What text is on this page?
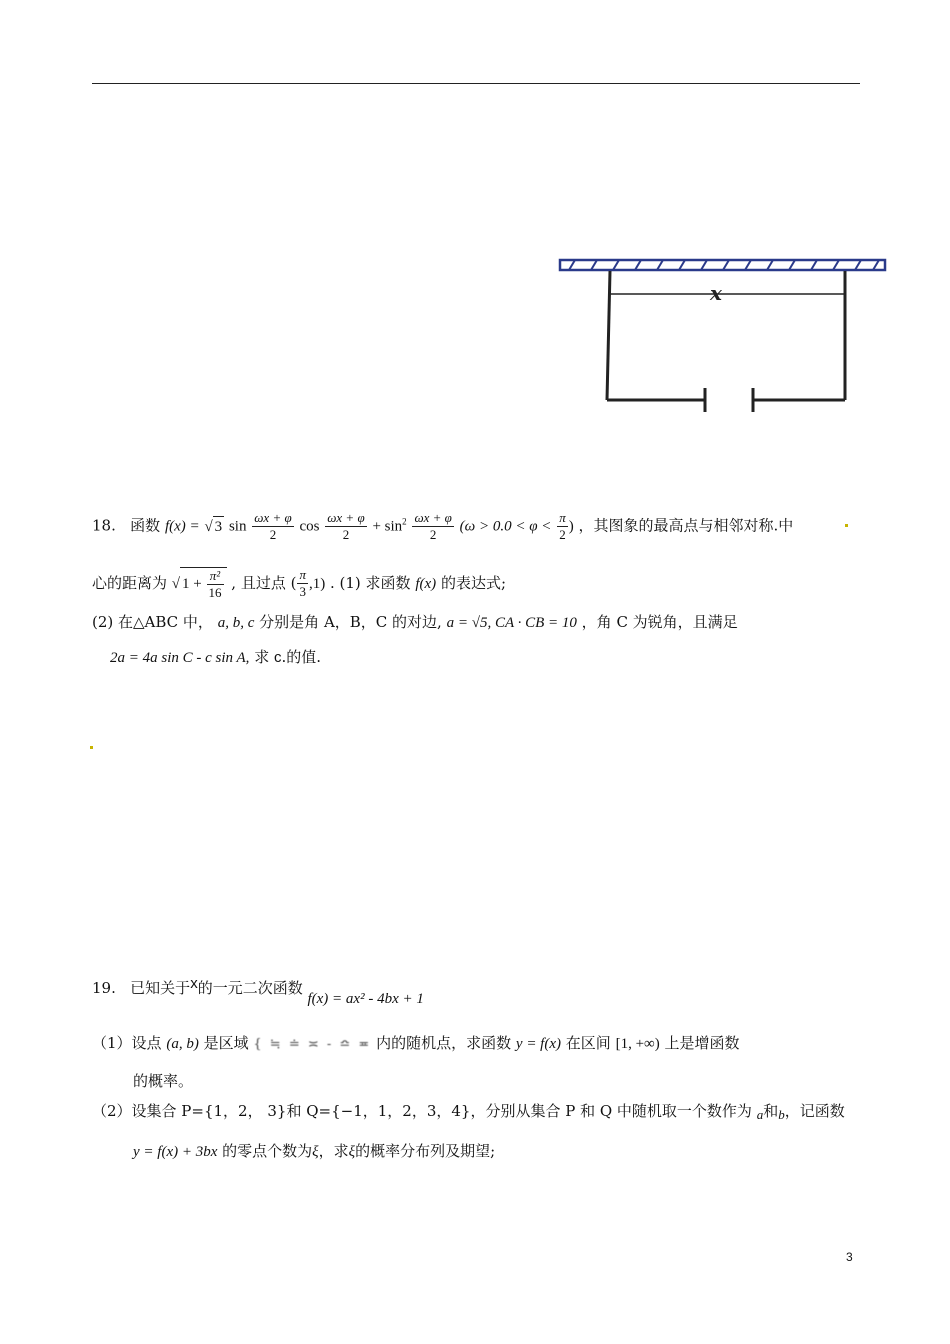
x
18. 函数 f(x) = √ 3 $\sin \frac{\omega x + \varphi}{2}$ $\cos \frac{\omega x + \varphi}{2} + \sin^2 \frac{\omega x + \varphi}{2} (\omega > 0.0 < \varphi < \frac{\pi}{2}$ ) ，其图象的最高点与相邻对称.中
心的距离为 √ $1 + \frac{\text{π²}}{16}$ , 且过点 ( $\frac{\pi}{3} ,1$) . (1) 求函数 f(x) 的表达式;
(2) 在△ABC 中， a, b, c 分别是角 A，B，C 的对边, a = √5, CA · CB = 10 ，角 C 为锐角，且满足
2a = 4a sin C - c sin A, 求 c.的值.
19. 已知关于x的一元二次函数 f(x) = ax² - 4bx + 1
（1）设点 (a, b) 是区域 { ≒ ≐ ≍ - ≏ ≖ 内的随机点，求函数 y = f(x) 在区间 [1, +∞) 上是增函数
的概率。
（2）设集合 P={1，2， 3}和 Q={−1，1，2，3，4}，分别从集合 P 和 Q 中随机取一个数作为 a和b，记函数
y = f(x) + 3bx 的零点个数为ξ，求ξ的概率分布列及期望;
3
